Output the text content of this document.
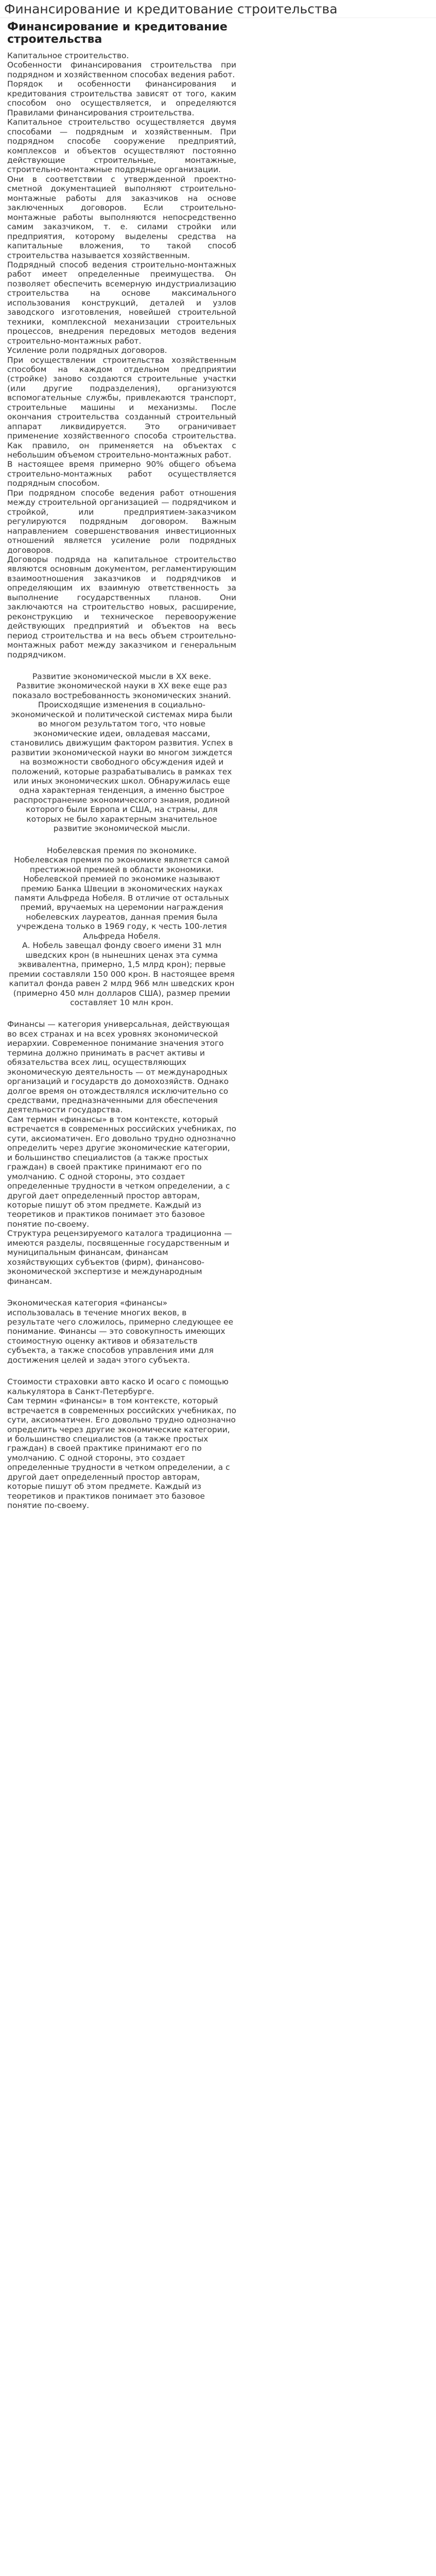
Финансирование и кредитование строительства
Финансирование и кредитование строительства

Капитальное строительство.

Особенности финансирования строительства при подрядном и хозяйственном способах ведения работ.

Порядок и особенности финансирования и кредитования строительства зависят от того, каким способом оно осуществляется, и определяются Правилами финансирования строительства.

Капитальное строительство осуществляется двумя способами — подрядным и хозяйственным. При подрядном способе сооружение предприятий, комплексов и объектов осуществляют постоянно действующие строительные, монтажные, строительно-монтажные подрядные организации.

Они в соответствии с утвержденной проектно-сметной документацией выполняют строительно-монтажные работы для заказчиков на основе заключенных договоров. Если строительно-монтажные работы выполняются непосредственно самим заказчиком, т. е. силами стройки или предприятия, которому выделены средства на капитальные вложения, то такой способ строительства называется хозяйственным.

Подрядный способ ведения строительно-монтажных работ имеет определенные преимущества. Он позволяет обеспечить всемерную индустриализацию строительства на основе максимального использования конструкций, деталей и узлов заводского изготовления, новейшей строительной техники, комплексной механизации строительных процессов, внедрения передовых методов ведения строительно-монтажных работ.

Усиление роли подрядных договоров.

При осуществлении строительства хозяйственным способом на каждом отдельном предприятии (стройке) заново создаются строительные участки (или другие подразделения), организуются вспомогательные службы, привлекаются транспорт, строительные машины и механизмы. После окончания строительства созданный строительный аппарат ликвидируется. Это ограничивает применение хозяйственного способа строительства. Как правило, он применяется на объектах с небольшим объемом строительно-монтажных работ.

В настоящее время примерно 90% общего объема строительно-монтажных работ осуществляется подрядным способом.

При подрядном способе ведения работ отношения между строительной организацией — подрядчиком и стройкой, или предприятием-заказчиком регулируются подрядным договором. Важным направлением совершенствования инвестиционных отношений является усиление роли подрядных договоров.

Договоры подряда на капитальное строительство являются основным документом, регламентирующим взаимоотношения заказчиков и подрядчиков и определяющим их взаимную ответственность за выполнение государственных планов. Они заключаются на строительство новых, расширение, реконструкцию и техническое перевооружение действующих предприятий и объектов на весь период строительства и на весь объем строительно-монтажных работ между заказчиком и генеральным подрядчиком.

Развитие экономической мысли в XX веке.

Развитие экономической науки в XX веке еще раз показало востребованность экономических знаний. Происходящие изменения в социально-экономической и политической системах мира были во многом результатом того, что новые экономические идеи, овладевая массами, становились движущим фактором развития. Успех в развитии экономической науки во многом зиждется на возможности свободного обсуждения идей и положений, которые разрабатывались в рамках тех или иных экономических школ. Обнаружилась еще одна характерная тенденция, а именно быстрое распространение экономического знания, родиной которого были Европа и США, на страны, для которых не было характерным значительное развитие экономической мысли.

Нобелевская премия по экономике.

Нобелевская премия по экономике является самой престижной премией в области экономики. Нобелевской премией по экономике называют премию Банка Швеции в экономических науках памяти Альфреда Нобеля. В отличие от остальных премий, вручаемых на церемонии награждения нобелевских лауреатов, данная премия была учреждена только в 1969 году, к честь 100-летия Альфреда Нобеля.

А. Нобель завещал фонду своего имени 31 млн шведских крон (в нынешних ценах эта сумма эквивалентна, примерно, 1,5 млрд крон); первые премии составляли 150 000 крон. В настоящее время капитал фонда равен 2 млрд 966 млн шведских крон (примерно 450 млн долларов США), размер премии составляет 10 млн крон.

Финансы — категория универсальная, действующая во всех странах и на всех уровнях экономической иерархии. Современное понимание значения этого термина должно принимать в расчет активы и обязательства всех лиц, осуществляющих экономическую деятельность — от международных организаций и государств до домохозяйств. Однако долгое время он отождествлялся исключительно со средствами, предназначенными для обеспечения деятельности государства.

Сам термин «финансы» в том контексте, который встречается в современных российских учебниках, по сути, аксиоматичен. Его довольно трудно однозначно определить через другие экономические категории, и большинство специалистов (а также простых граждан) в своей практике принимают его по умолчанию. С одной стороны, это создает определенные трудности в четком определении, а с другой дает определенный простор авторам, которые пишут об этом предмете. Каждый из теоретиков и практиков понимает это базовое понятие по-своему.

Структура рецензируемого каталога традиционна — имеются разделы, посвященные государственным и муниципальным финансам, финансам хозяйствующих субъектов (фирм), финансово-экономической экспертизе и международным финансам.

Экономическая категория «финансы» использовалась в течение многих веков, в результате чего сложилось, примерно следующее ее понимание. Финансы — это совокупность имеющих стоимостную оценку активов и обязательств субъекта, а также способов управления ими для достижения целей и задач этого субъекта.

Стоимости страховки авто каско И осаго с помощью калькулятора в Санкт-Петербурге.

Сам термин «финансы» в том контексте, который встречается в современных российских учебниках, по сути, аксиоматичен. Его довольно трудно однозначно определить через другие экономические категории, и большинство специалистов (а также простых граждан) в своей практике принимают его по умолчанию. С одной стороны, это создает определенные трудности в четком определении, а с другой дает определенный простор авторам, которые пишут об этом предмете. Каждый из теоретиков и практиков понимает это базовое понятие по-своему.
